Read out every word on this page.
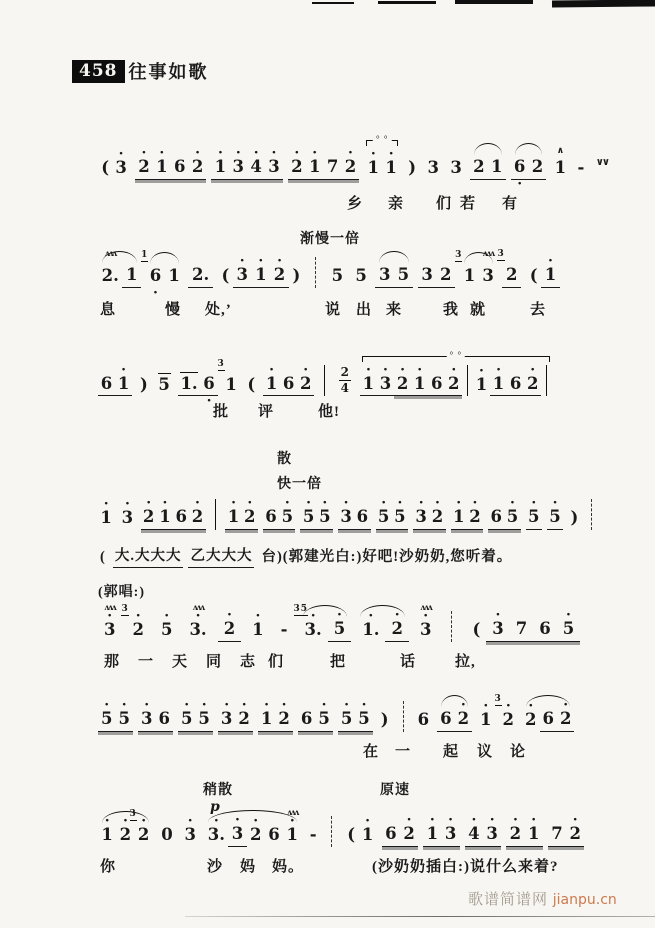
458 往事如歌
( 3
·
2
·
1
·
6 2
·
1
·
3
·
4
·
3
·
2
·
1
·
7 2
·
° °
1
·
1
·
) 3 3 2 1 6
·
2 1
∧
- ∨∨
乡 亲 们 若 有
渐慢一倍
2.
ʌʌʌ
1 6
·
1
1 2. ( 3
·
1
·
2
·
) 5 5 3 5 3 2 1
3
3
ʌʌʌ
2
3
( 1
·
息	慢 处,’	说 出 来	我 就	去
6 1
·
) 5 1. 6
·
1
3
( 1
·
6 2
· $\frac{2}{4}$
° °
1
·
3
·
2
·
1
·
6 2
·
1
·
1
·
6 2
·
批 评	他!
散
快一倍
1
·
3
·
2
·
1
·
6 2
·
1
·
2
·
6 5
·
5
·
5
·
3
·
6 5
·
5
·
3
·
2
·
1
·
2
·
6 5
·
5
·
5
·
)
( 大.大大大 乙大大大 台)(郭建光白:)好吧!沙奶奶,您听着。
(郭唱:)
3
·
ʌʌʌ
2
·
3
5
·
3.
·
ʌʌʌ
2
·
1
·
- 3.
·
35
5
·
1.
·
2
·
3
·
ʌʌʌ
( 3
·
7 6 5
·
那 一 天 同 志 们	把	话	拉,
5
·
5
·
3
·
6 5
·
5
·
3
·
2
·
1
·
2
·
6 5
·
5
·
5
·
) 6 6 2
·
1
·
2
·
3
2
·
6 2
·
在 一 起 议 论
稍散
p
原速
1
·
2
·
2
·
3
0 3
·
3.
·
3
·
2
·
6 1
·
ʌʌʌ
- ( 1
·
6 2
·
1
·
3
·
4
·
3
·
2
·
1
·
7 2
·
你	沙 妈 妈。	(沙奶奶插白:)说什么来着?
歌谱简谱网 jianpu.cn
